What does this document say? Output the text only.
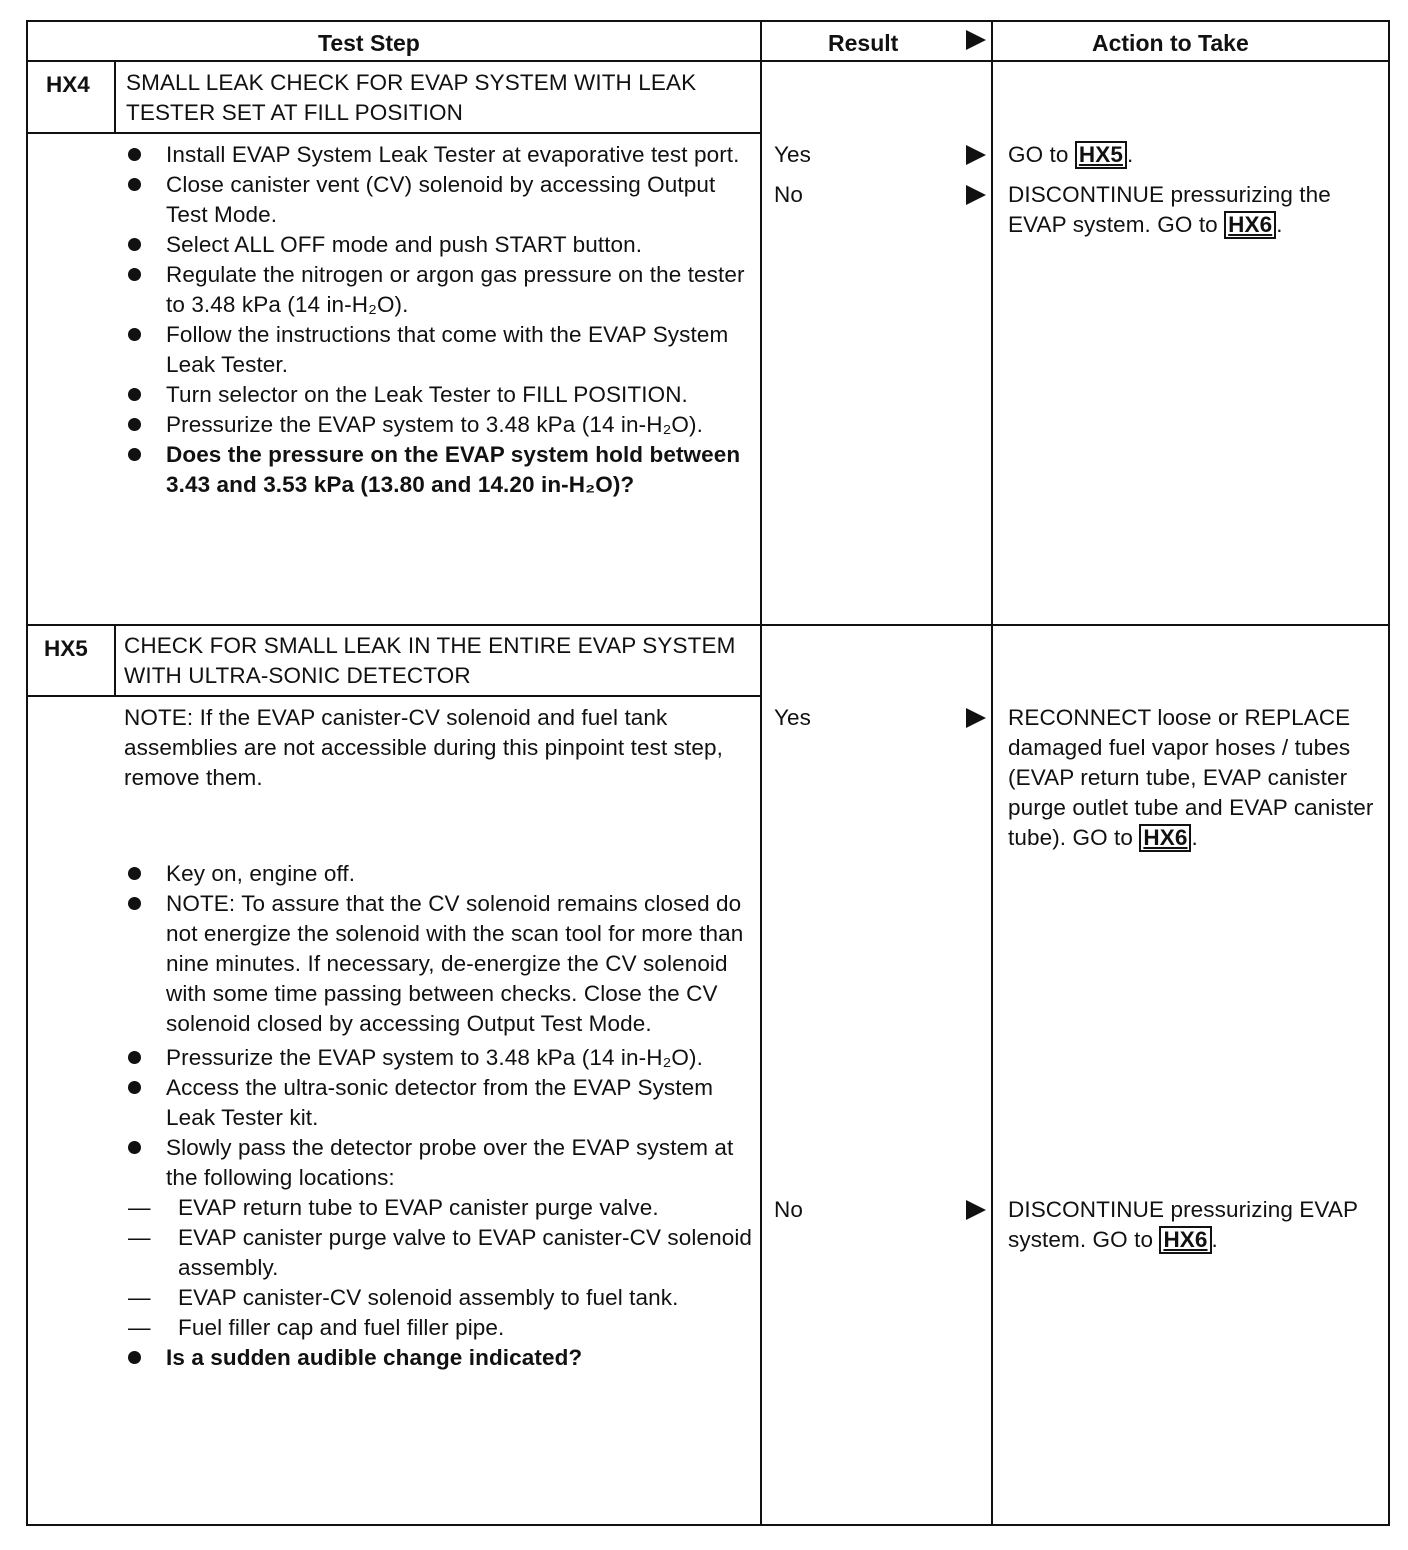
Test Step	Result	Action to Take
HX4 SMALL LEAK CHECK FOR EVAP SYSTEM WITH LEAK TESTER SET AT FILL POSITION
Install EVAP System Leak Tester at evaporative test port.
Close canister vent (CV) solenoid by accessing Output Test Mode.
Select ALL OFF mode and push START button.
Regulate the nitrogen or argon gas pressure on the tester to 3.48 kPa (14 in-H₂O).
Follow the instructions that come with the EVAP System Leak Tester.
Turn selector on the Leak Tester to FILL POSITION.
Pressurize the EVAP system to 3.48 kPa (14 in-H₂O).
Does the pressure on the EVAP system hold between 3.43 and 3.53 kPa (13.80 and 14.20 in-H₂O)?
Yes
No
GO to HX5 .
DISCONTINUE pressurizing the EVAP system. GO to HX6 .
HX5 CHECK FOR SMALL LEAK IN THE ENTIRE EVAP SYSTEM WITH ULTRA-SONIC DETECTOR
NOTE: If the EVAP canister-CV solenoid and fuel tank assemblies are not accessible during this pinpoint test step, remove them.
Key on, engine off.
NOTE: To assure that the CV solenoid remains closed do not energize the solenoid with the scan tool for more than nine minutes. If necessary, de-energize the CV solenoid with some time passing between checks. Close the CV solenoid closed by accessing Output Test Mode.
Pressurize the EVAP system to 3.48 kPa (14 in-H₂O).
Access the ultra-sonic detector from the EVAP System Leak Tester kit.
Slowly pass the detector probe over the EVAP system at the following locations:
— EVAP return tube to EVAP canister purge valve.
— EVAP canister purge valve to EVAP canister-CV solenoid assembly.
— EVAP canister-CV solenoid assembly to fuel tank.
— Fuel filler cap and fuel filler pipe.
Is a sudden audible change indicated?
Yes
No
RECONNECT loose or REPLACE damaged fuel vapor hoses / tubes (EVAP return tube, EVAP canister purge outlet tube and EVAP canister tube). GO to HX6 .
DISCONTINUE pressurizing EVAP system. GO to HX6 .
